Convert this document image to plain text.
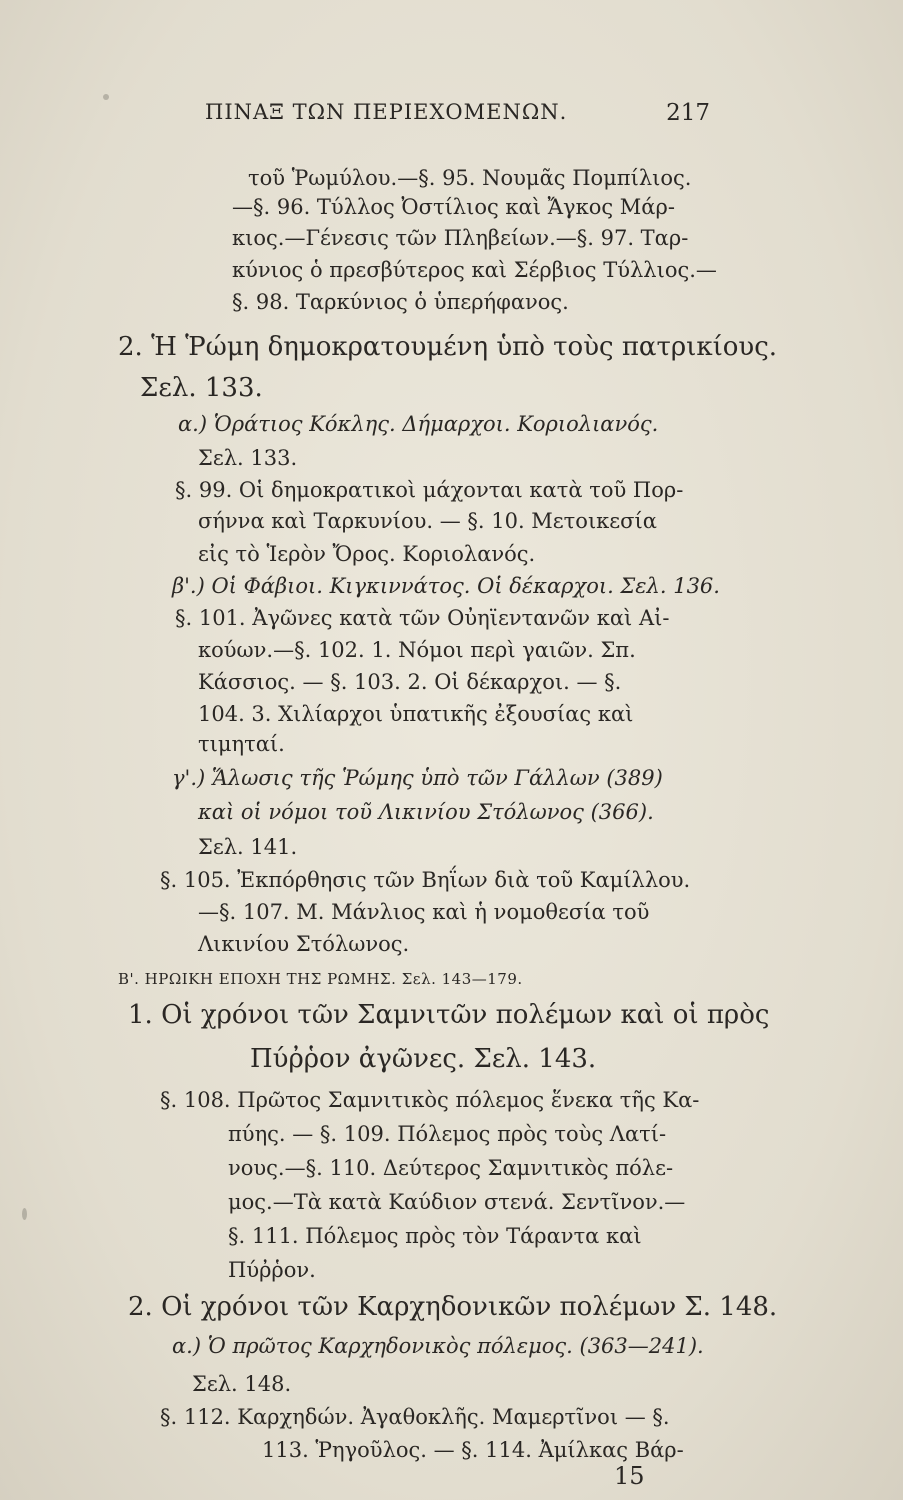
ΠΙΝΑΞ ΤΩΝ ΠΕΡΙΕΧΟΜΕΝΩΝ.	217
τοῦ Ῥωμύλου.—§. 95. Νουμᾶς Πομπίλιος.
—§. 96. Τύλλος Ὀστίλιος καὶ Ἄγκος Μάρ-
κιος.—Γένεσις τῶν Πληβείων.—§. 97. Ταρ-
κύνιος ὁ πρεσβύτερος καὶ Σέρβιος Τύλλιος.—
§. 98. Ταρκύνιος ὁ ὑπερήφανος.
2. Ἡ Ῥώμη δημοκρατουμένη ὑπὸ τοὺς πατρικίους.
Σελ. 133.
α.) Ὁράτιος Κόκλης. Δήμαρχοι. Κοριολιανός.
Σελ. 133.
§. 99. Οἱ δημοκρατικοὶ μάχονται κατὰ τοῦ Πορ-
σήννα καὶ Ταρκυνίου. — §. 10. Μετοικεσία
εἰς τὸ Ἱερὸν Ὄρος. Κοριολανός.
β'.) Οἱ Φάβιοι. Κιγκιννάτος. Οἱ δέκαρχοι. Σελ. 136.
§. 101. Ἀγῶνες κατὰ τῶν Οὐηϊεντανῶν καὶ Αἰ-
κούων.—§. 102. 1. Νόμοι περὶ γαιῶν. Σπ.
Κάσσιος. — §. 103. 2. Οἱ δέκαρχοι. — §.
104. 3. Χιλίαρχοι ὑπατικῆς ἐξουσίας καὶ
τιμηταί.
γ'.) Ἅλωσις τῆς Ῥώμης ὑπὸ τῶν Γάλλων (389)
καὶ οἱ νόμοι τοῦ Λικινίου Στόλωνος (366).
Σελ. 141.
§. 105. Ἐκπόρθησις τῶν Βηΐων διὰ τοῦ Καμίλλου.
—§. 107. Μ. Μάνλιος καὶ ἡ νομοθεσία τοῦ
Λικινίου Στόλωνος.
Β'. ΗΡΩΙΚΗ ΕΠΟΧΗ ΤΗΣ ΡΩΜΗΣ. Σελ. 143—179.
1. Οἱ χρόνοι τῶν Σαμνιτῶν πολέμων καὶ οἱ πρὸς
Πύῤῥον ἀγῶνες. Σελ. 143.
§. 108. Πρῶτος Σαμνιτικὸς πόλεμος ἕνεκα τῆς Κα-
πύης. — §. 109. Πόλεμος πρὸς τοὺς Λατί-
νους.—§. 110. Δεύτερος Σαμνιτικὸς πόλε-
μος.—Τὰ κατὰ Καύδιον στενά. Σεντῖνον.—
§. 111. Πόλεμος πρὸς τὸν Τάραντα καὶ
Πύῤῥον.
2. Οἱ χρόνοι τῶν Καρχηδονικῶν πολέμων Σ. 148.
α.) Ὁ πρῶτος Καρχηδονικὸς πόλεμος. (363—241).
Σελ. 148.
§. 112. Καρχηδών. Ἀγαθοκλῆς. Μαμερτῖνοι — §.
113. Ῥηγοῦλος. — §. 114. Ἀμίλκας Βάρ-
15
